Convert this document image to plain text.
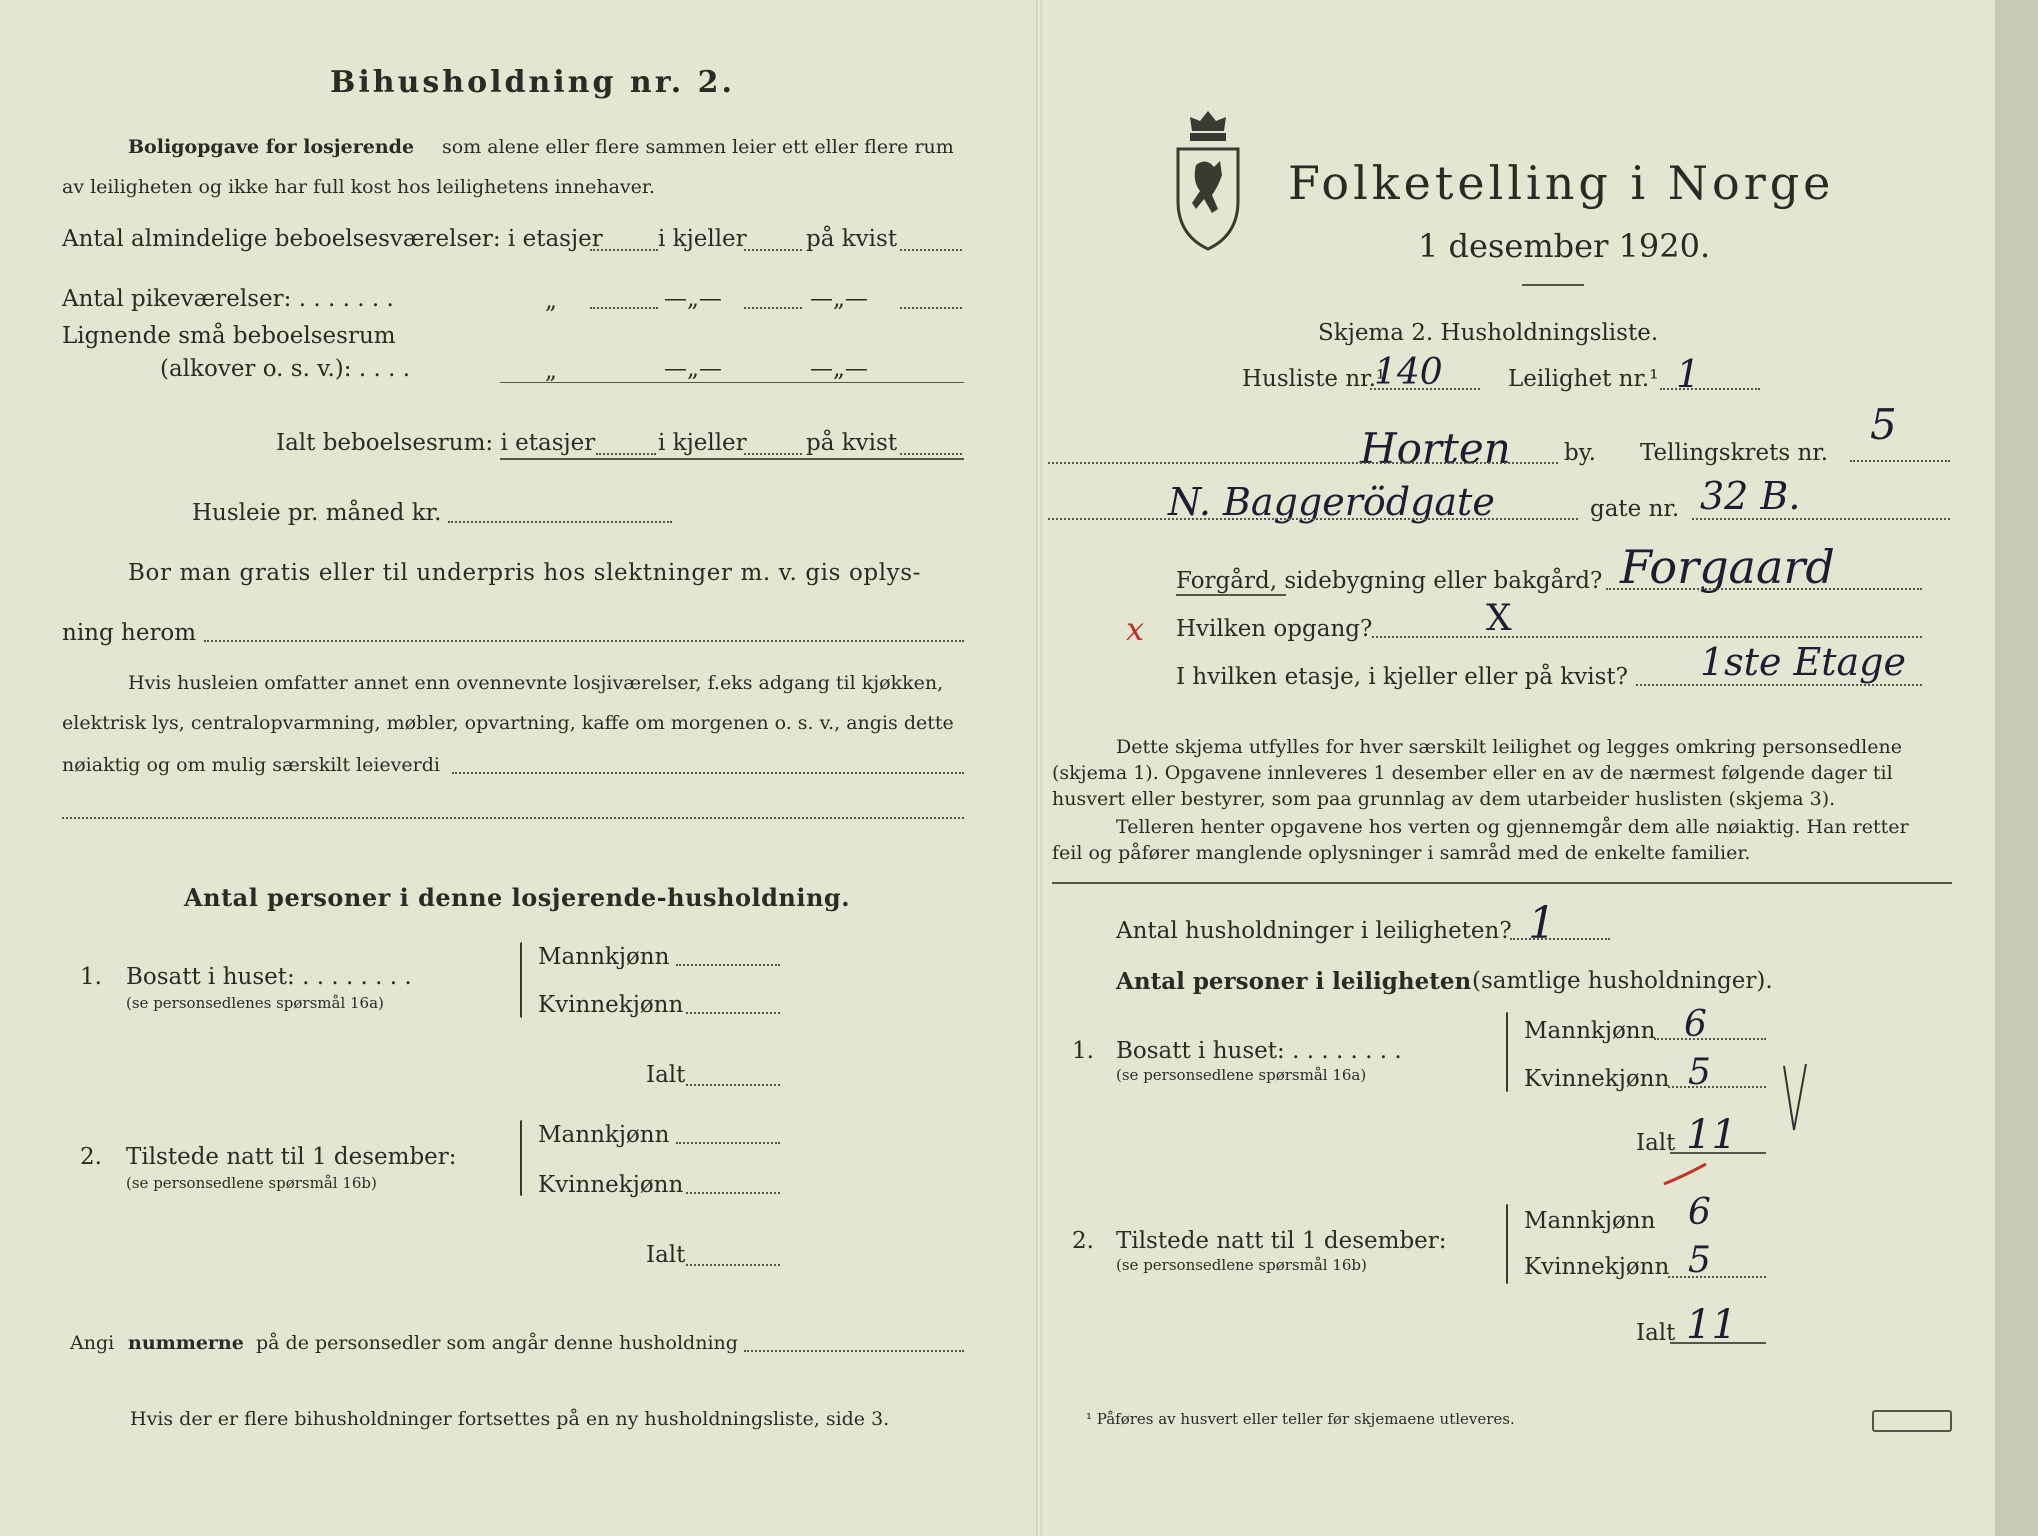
Bihusholdning nr. 2.
Boligopgave for losjerende som alene eller flere sammen leier ett eller flere rum
av leiligheten og ikke har full kost hos leilighetens innehaver.
Antal almindelige beboelsesværelser: i etasjer i kjeller	på kvist
Antal pikeværelser: . . . . . . .	„	—„—	—„—
Lignende små beboelsesrum
(alkover o. s. v.): . . . .	„	—„—	—„—
Ialt beboelsesrum: i etasjer	i kjeller	på kvist
Husleie pr. måned kr.
Bor man gratis eller til underpris hos slektninger m. v. gis oplys-
ning herom
Hvis husleien omfatter annet enn ovennevnte losjiværelser, f.eks adgang til kjøkken,
elektrisk lys, centralopvarmning, møbler, opvartning, kaffe om morgenen o. s. v., angis dette
nøiaktig og om mulig særskilt leieverdi
Antal personer i denne losjerende-husholdning.
1. Bosatt i huset: . . . . . . . .
(se personsedlenes spørsmål 16a)
Mannkjønn
Kvinnekjønn
Ialt
2. Tilstede natt til 1 desember:
(se personsedlene spørsmål 16b)
Mannkjønn
Kvinnekjønn
Ialt
Angi nummerne på de personsedler som angår denne husholdning
Hvis der er flere bihusholdninger fortsettes på en ny husholdningsliste, side 3.
Folketelling i Norge
1 desember 1920.
Skjema 2. Husholdningsliste.
Husliste nr.¹
140	Leilighet nr.¹ 1
Horten by. Tellingskrets nr.
5
N. Baggerödgate	gate nr. 32 B.
Forgård, sidebygning eller bakgård? Forgaard
x Hvilken opgang?	X
I hvilken etasje, i kjeller eller på kvist? 1ste Etage
Dette skjema utfylles for hver særskilt leilighet og legges omkring personsedlene
(skjema 1). Opgavene innleveres 1 desember eller en av de nærmest følgende dager til
husvert eller bestyrer, som paa grunnlag av dem utarbeider huslisten (skjema 3).
Telleren henter opgavene hos verten og gjennemgår dem alle nøiaktig. Han retter
feil og påfører manglende oplysninger i samråd med de enkelte familier.
Antal husholdninger i leiligheten? 1
Antal personer i leiligheten (samtlige husholdninger).
1. Bosatt i huset: . . . . . . . .
(se personsedlene spørsmål 16a)
Mannkjønn 6
Kvinnekjønn 5
Ialt 11
2. Tilstede natt til 1 desember:
(se personsedlene spørsmål 16b)
Mannkjønn 6
Kvinnekjønn 5
Ialt 11
¹ Påføres av husvert eller teller før skjemaene utleveres.
